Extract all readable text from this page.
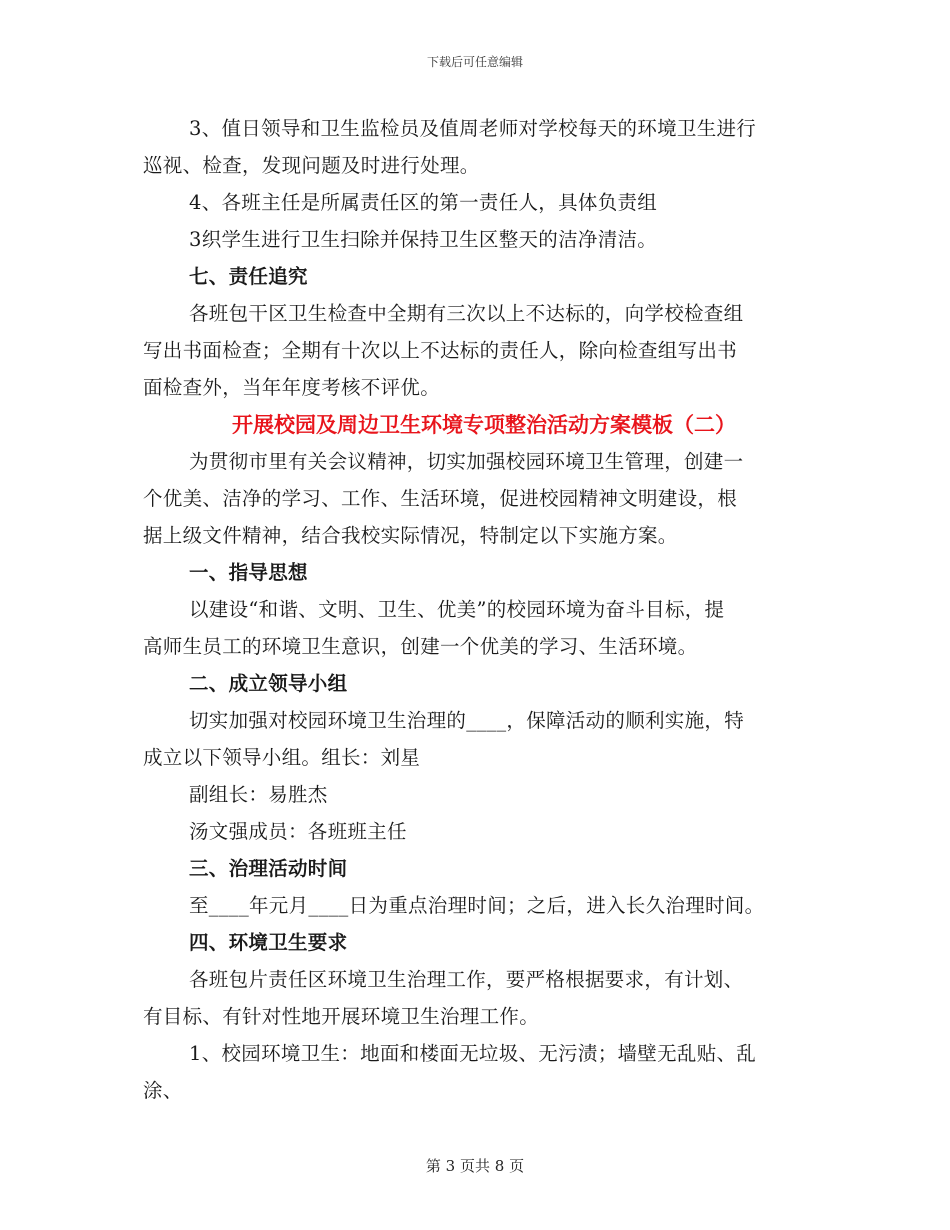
下载后可任意编辑
3、值日领导和卫生监检员及值周老师对学校每天的环境卫生进行
巡视、检查，发现问题及时进行处理。
4、各班主任是所属责任区的第一责任人，具体负责组
3织学生进行卫生扫除并保持卫生区整天的洁净清洁。
七、责任追究
各班包干区卫生检查中全期有三次以上不达标的，向学校检查组
写出书面检查；全期有十次以上不达标的责任人，除向检查组写出书
面检查外，当年年度考核不评优。
开展校园及周边卫生环境专项整治活动方案模板（二）
为贯彻市里有关会议精神，切实加强校园环境卫生管理，创建一
个优美、洁净的学习、工作、生活环境，促进校园精神文明建设，根
据上级文件精神，结合我校实际情况，特制定以下实施方案。
一、指导思想
以建设“和谐、文明、卫生、优美”的校园环境为奋斗目标，提
高师生员工的环境卫生意识，创建一个优美的学习、生活环境。
二、成立领导小组
切实加强对校园环境卫生治理的____，保障活动的顺利实施，特
成立以下领导小组。组长：刘星
副组长：易胜杰
汤文强成员：各班班主任
三、治理活动时间
至____年元月____日为重点治理时间；之后，进入长久治理时间。
四、环境卫生要求
各班包片责任区环境卫生治理工作，要严格根据要求，有计划、
有目标、有针对性地开展环境卫生治理工作。
1、校园环境卫生：地面和楼面无垃圾、无污渍；墙壁无乱贴、乱
涂、
第 3 页共 8 页
